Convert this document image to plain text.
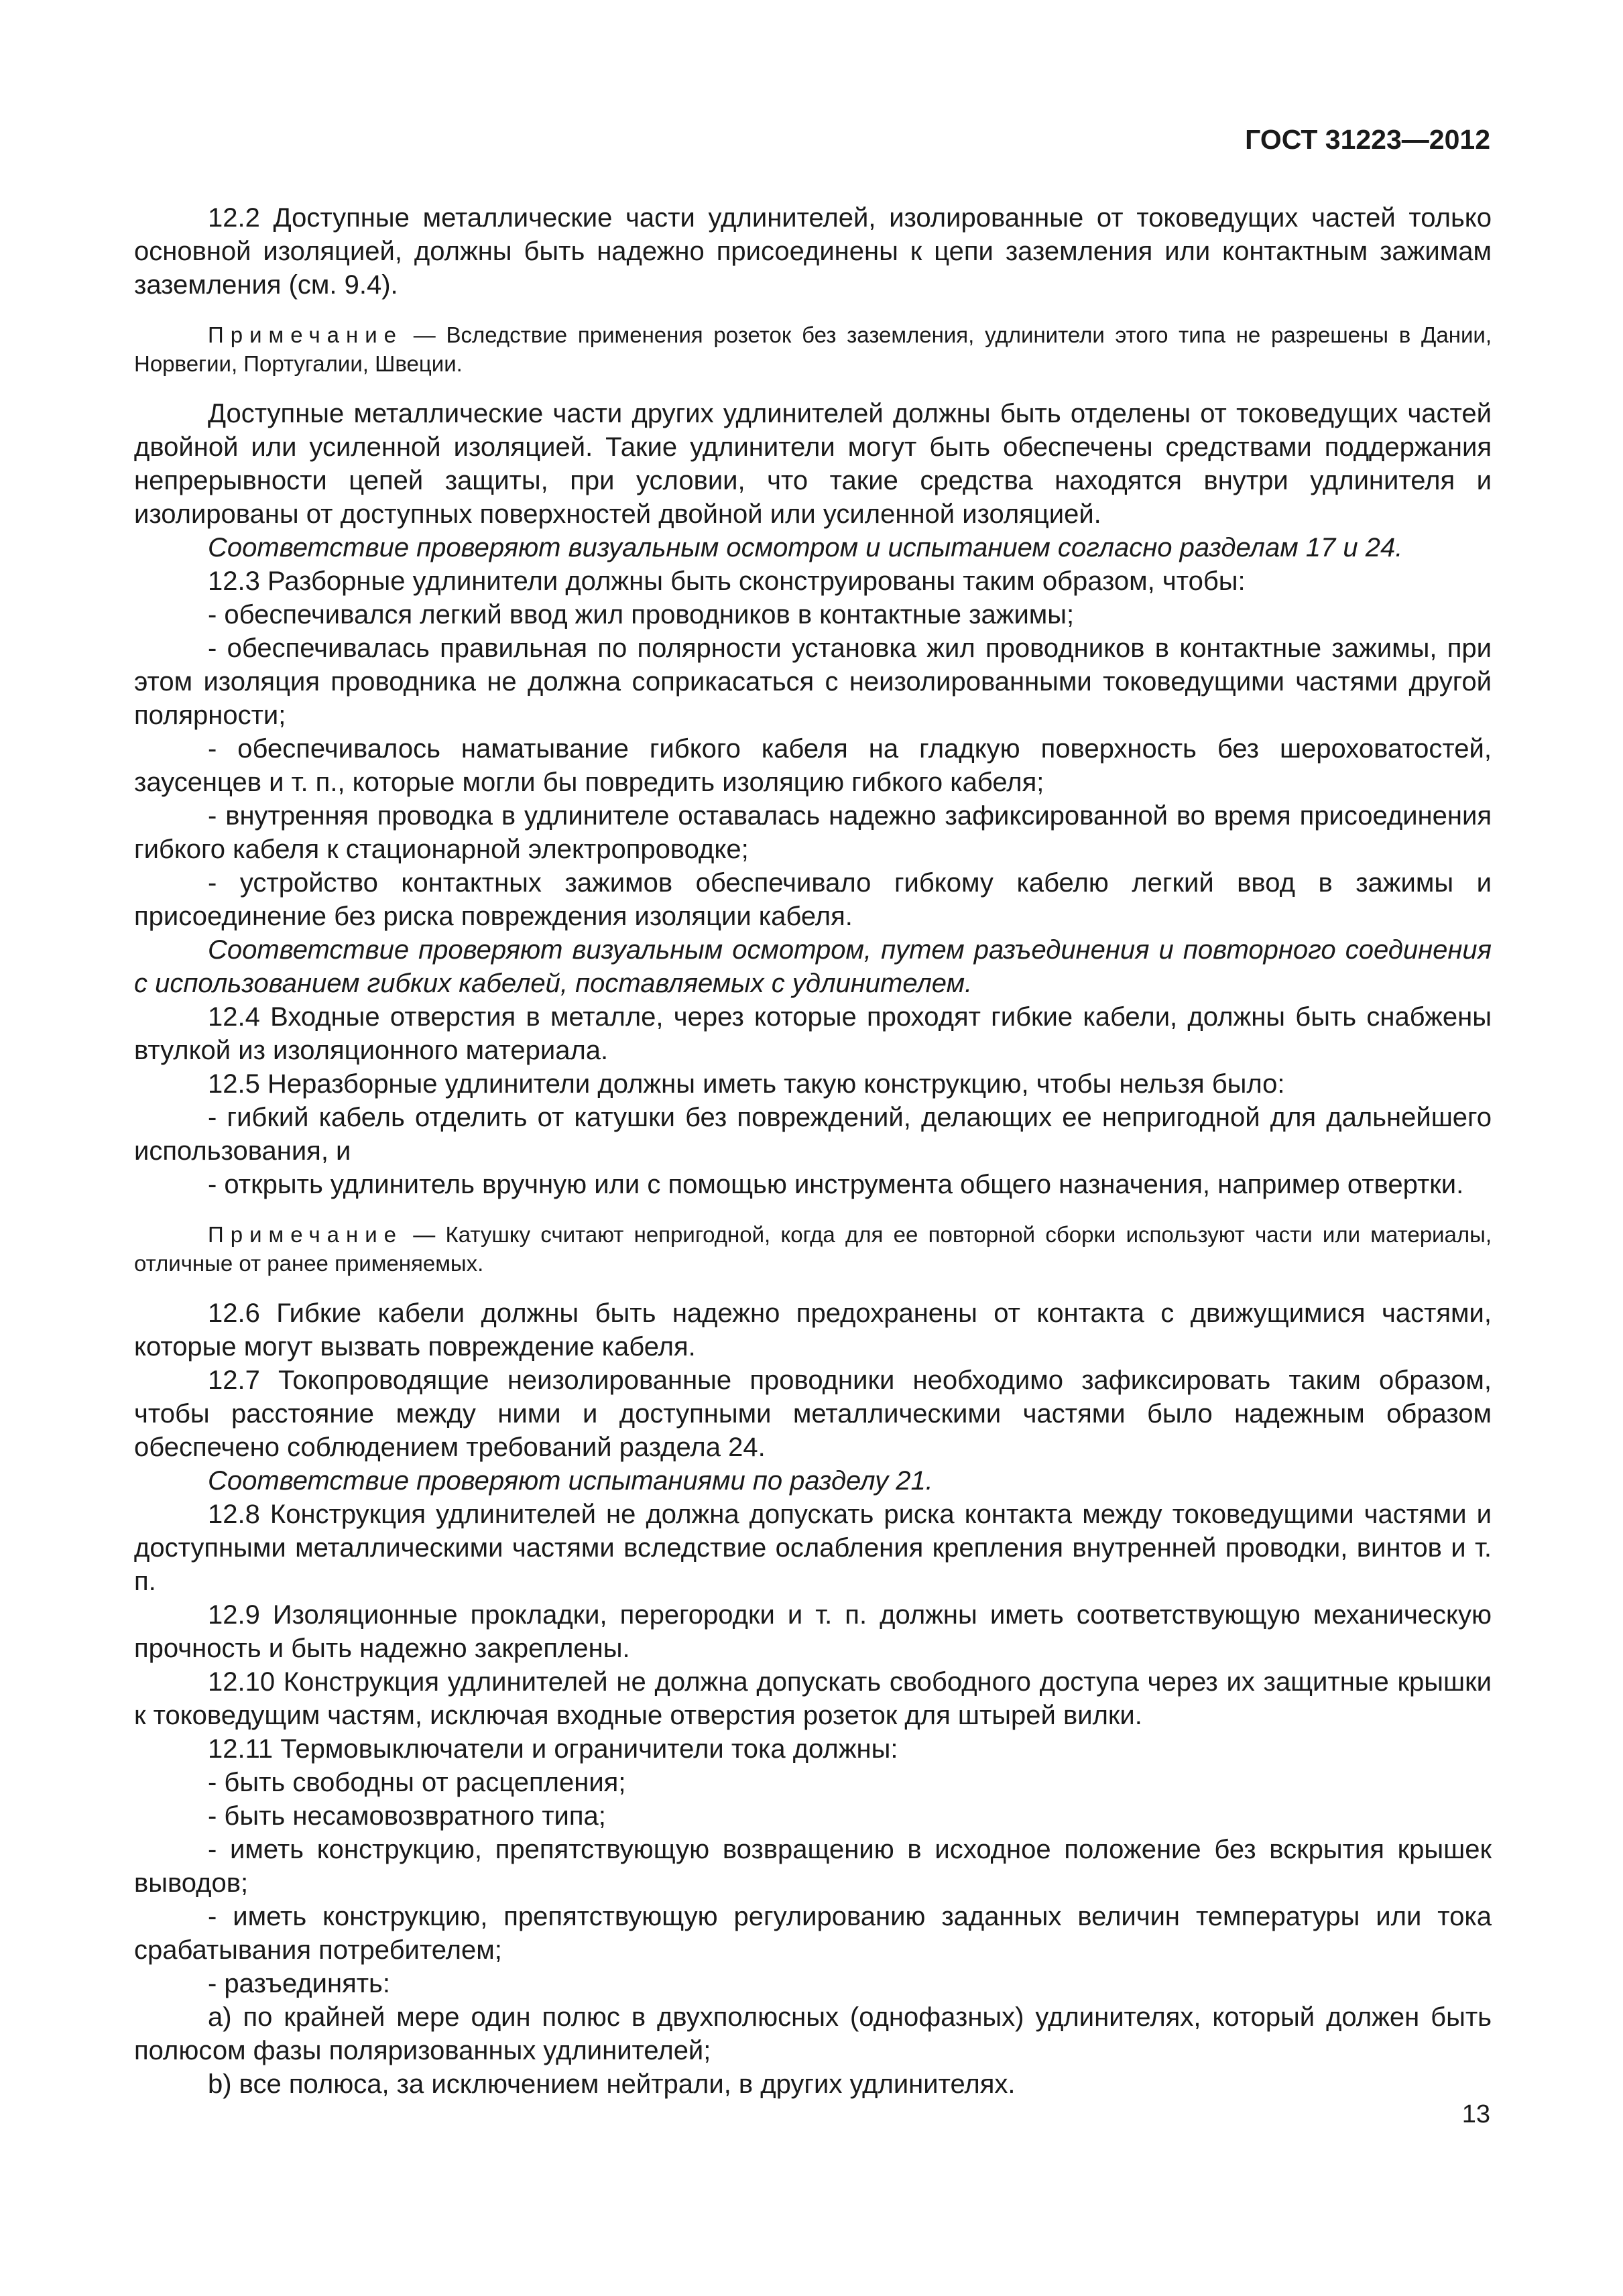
ГОСТ 31223—2012

12.2 Доступные металлические части удлинителей, изолированные от токоведущих частей только основной изоляцией, должны быть надежно присоединены к цепи заземления или контактным зажимам заземления (см. 9.4).

Примечание — Вследствие применения розеток без заземления, удлинители этого типа не разрешены в Дании, Норвегии, Португалии, Швеции.

Доступные металлические части других удлинителей должны быть отделены от токоведущих частей двойной или усиленной изоляцией. Такие удлинители могут быть обеспечены средствами поддержания непрерывности цепей защиты, при условии, что такие средства находятся внутри удлинителя и изолированы от доступных поверхностей двойной или усиленной изоляцией.

Соответствие проверяют визуальным осмотром и испытанием согласно разделам 17 и 24.

12.3 Разборные удлинители должны быть сконструированы таким образом, чтобы:

- обеспечивался легкий ввод жил проводников в контактные зажимы;

- обеспечивалась правильная по полярности установка жил проводников в контактные зажимы, при этом изоляция проводника не должна соприкасаться с неизолированными токоведущими частями другой полярности;

- обеспечивалось наматывание гибкого кабеля на гладкую поверхность без шероховатостей, заусенцев и т. п., которые могли бы повредить изоляцию гибкого кабеля;

- внутренняя проводка в удлинителе оставалась надежно зафиксированной во время присоединения гибкого кабеля к стационарной электропроводке;

- устройство контактных зажимов обеспечивало гибкому кабелю легкий ввод в зажимы и присоединение без риска повреждения изоляции кабеля.

Соответствие проверяют визуальным осмотром, путем разъединения и повторного соединения с использованием гибких кабелей, поставляемых с удлинителем.

12.4 Входные отверстия в металле, через которые проходят гибкие кабели, должны быть снабжены втулкой из изоляционного материала.

12.5 Неразборные удлинители должны иметь такую конструкцию, чтобы нельзя было:

- гибкий кабель отделить от катушки без повреждений, делающих ее непригодной для дальнейшего использования, и

- открыть удлинитель вручную или с помощью инструмента общего назначения, например отвертки.

Примечание — Катушку считают непригодной, когда для ее повторной сборки используют части или материалы, отличные от ранее применяемых.

12.6 Гибкие кабели должны быть надежно предохранены от контакта с движущимися частями, которые могут вызвать повреждение кабеля.

12.7 Токопроводящие неизолированные проводники необходимо зафиксировать таким образом, чтобы расстояние между ними и доступными металлическими частями было надежным образом обеспечено соблюдением требований раздела 24.

Соответствие проверяют испытаниями по разделу 21.

12.8 Конструкция удлинителей не должна допускать риска контакта между токоведущими частями и доступными металлическими частями вследствие ослабления крепления внутренней проводки, винтов и т. п.

12.9 Изоляционные прокладки, перегородки и т. п. должны иметь соответствующую механическую прочность и быть надежно закреплены.

12.10 Конструкция удлинителей не должна допускать свободного доступа через их защитные крышки к токоведущим частям, исключая входные отверстия розеток для штырей вилки.

12.11 Термовыключатели и ограничители тока должны:

- быть свободны от расцепления;

- быть несамовозвратного типа;

- иметь конструкцию, препятствующую возвращению в исходное положение без вскрытия крышек выводов;

- иметь конструкцию, препятствующую регулированию заданных величин температуры или тока срабатывания потребителем;

- разъединять:

a) по крайней мере один полюс в двухполюсных (однофазных) удлинителях, который должен быть полюсом фазы поляризованных удлинителей;

b) все полюса, за исключением нейтрали, в других удлинителях.

13
